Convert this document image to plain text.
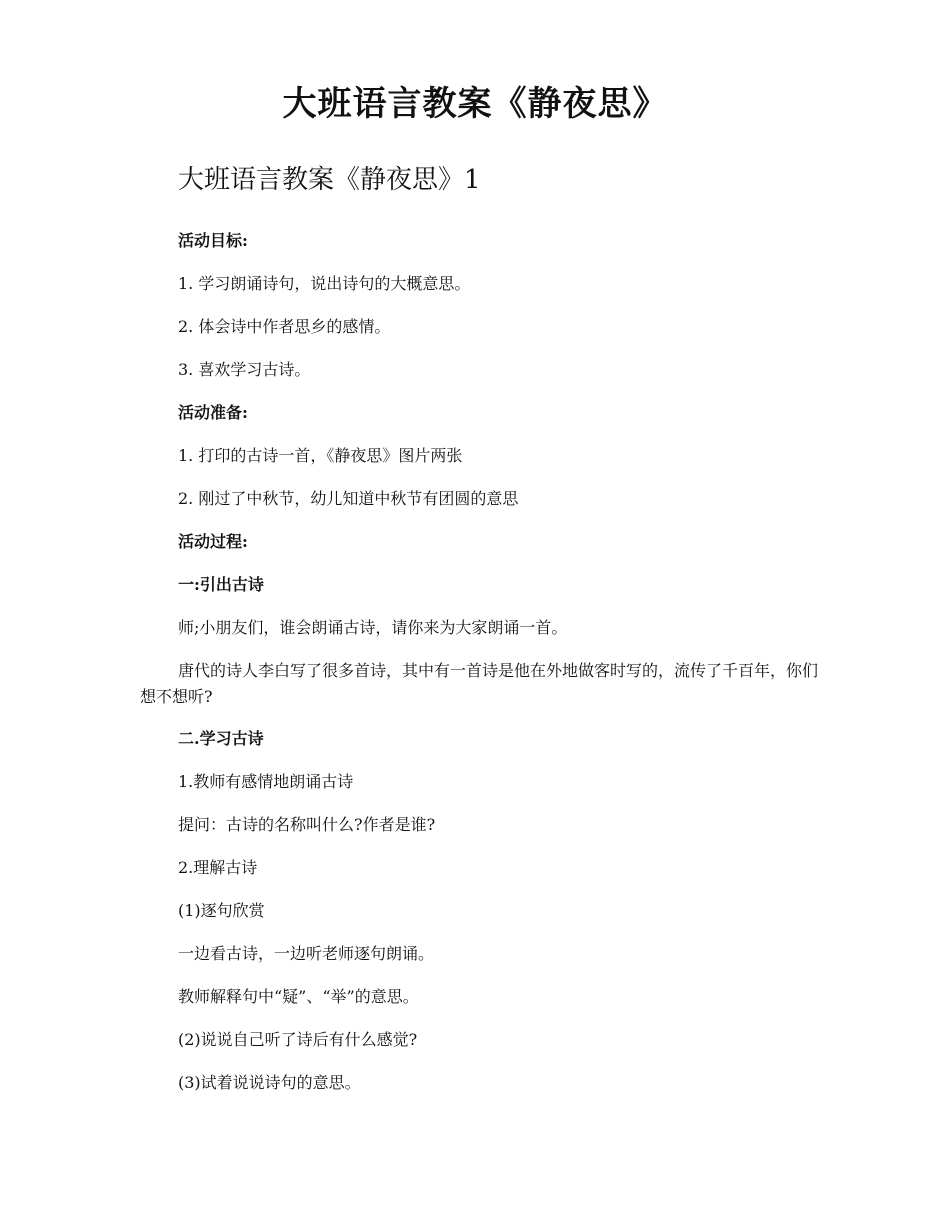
大班语言教案《静夜思》
大班语言教案《静夜思》1

活动目标:

1. 学习朗诵诗句，说出诗句的大概意思。

2. 体会诗中作者思乡的感情。

3. 喜欢学习古诗。

活动准备:

1. 打印的古诗一首，《静夜思》图片两张

2. 刚过了中秋节，幼儿知道中秋节有团圆的意思

活动过程:

一:引出古诗

师;小朋友们，谁会朗诵古诗，请你来为大家朗诵一首。

唐代的诗人李白写了很多首诗，其中有一首诗是他在外地做客时写的，流传了千百年，你们想不想听?

二.学习古诗

1.教师有感情地朗诵古诗

提问：古诗的名称叫什么?作者是谁?

2.理解古诗

(1)逐句欣赏

一边看古诗，一边听老师逐句朗诵。

教师解释句中“疑”、“举”的意思。

(2)说说自己听了诗后有什么感觉?

(3)试着说说诗句的意思。
